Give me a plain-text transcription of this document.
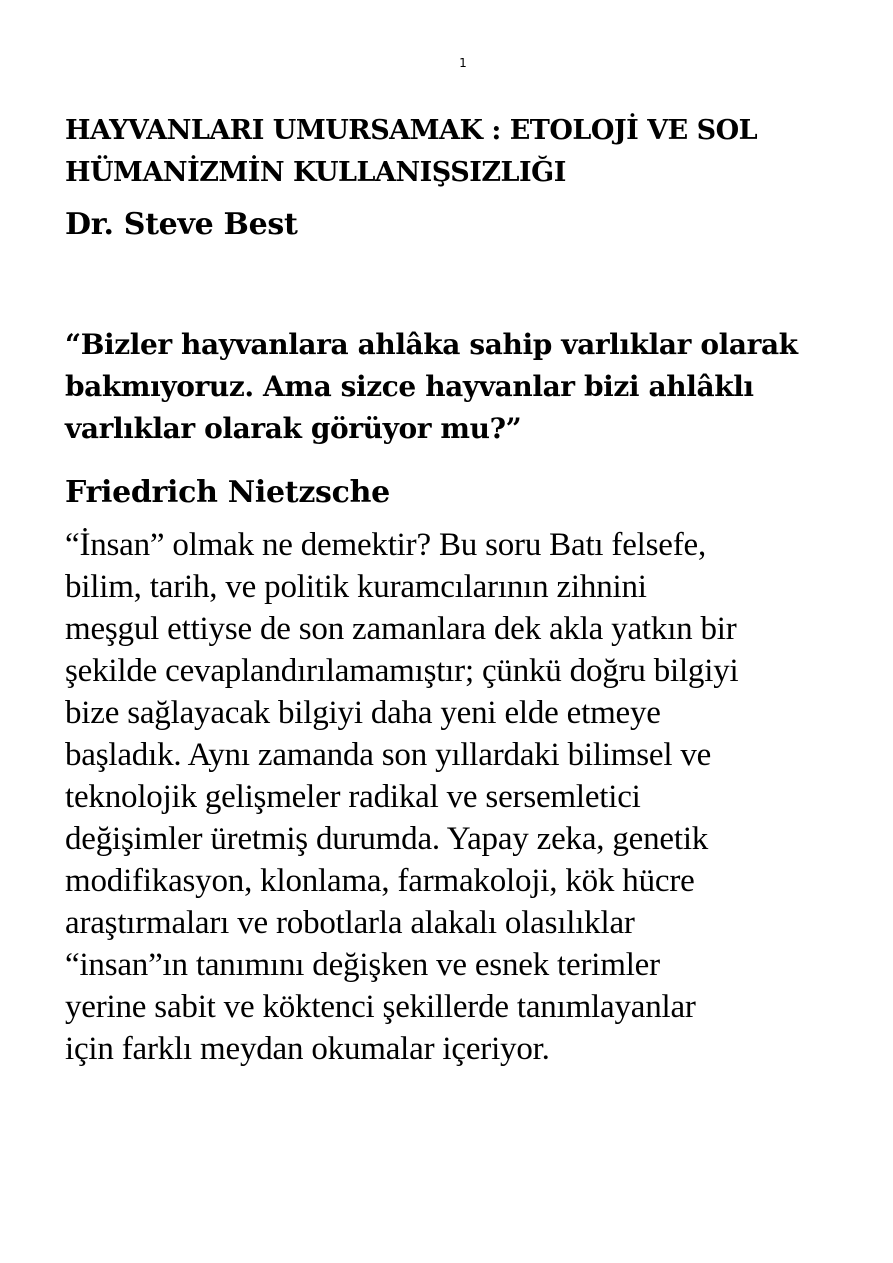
1
HAYVANLARI UMURSAMAK : ETOLOJİ VE SOL
HÜMANİZMİN KULLANIŞSIZLIĞI
Dr. Steve Best
“Bizler hayvanlara ahlâka sahip varlıklar olarak
bakmıyoruz. Ama sizce hayvanlar bizi ahlâklı
varlıklar olarak görüyor mu?”
Friedrich Nietzsche

“İnsan” olmak ne demektir? Bu soru Batı felsefe,
bilim, tarih, ve politik kuramcılarının zihnini
meşgul ettiyse de son zamanlara dek akla yatkın bir
şekilde cevaplandırılamamıştır; çünkü doğru bilgiyi
bize sağlayacak bilgiyi daha yeni elde etmeye
başladık. Aynı zamanda son yıllardaki bilimsel ve
teknolojik gelişmeler radikal ve sersemletici
değişimler üretmiş durumda. Yapay zeka, genetik
modifikasyon, klonlama, farmakoloji, kök hücre
araştırmaları ve robotlarla alakalı olasılıklar
“insan”ın tanımını değişken ve esnek terimler
yerine sabit ve köktenci şekillerde tanımlayanlar
için farklı meydan okumalar içeriyor.
